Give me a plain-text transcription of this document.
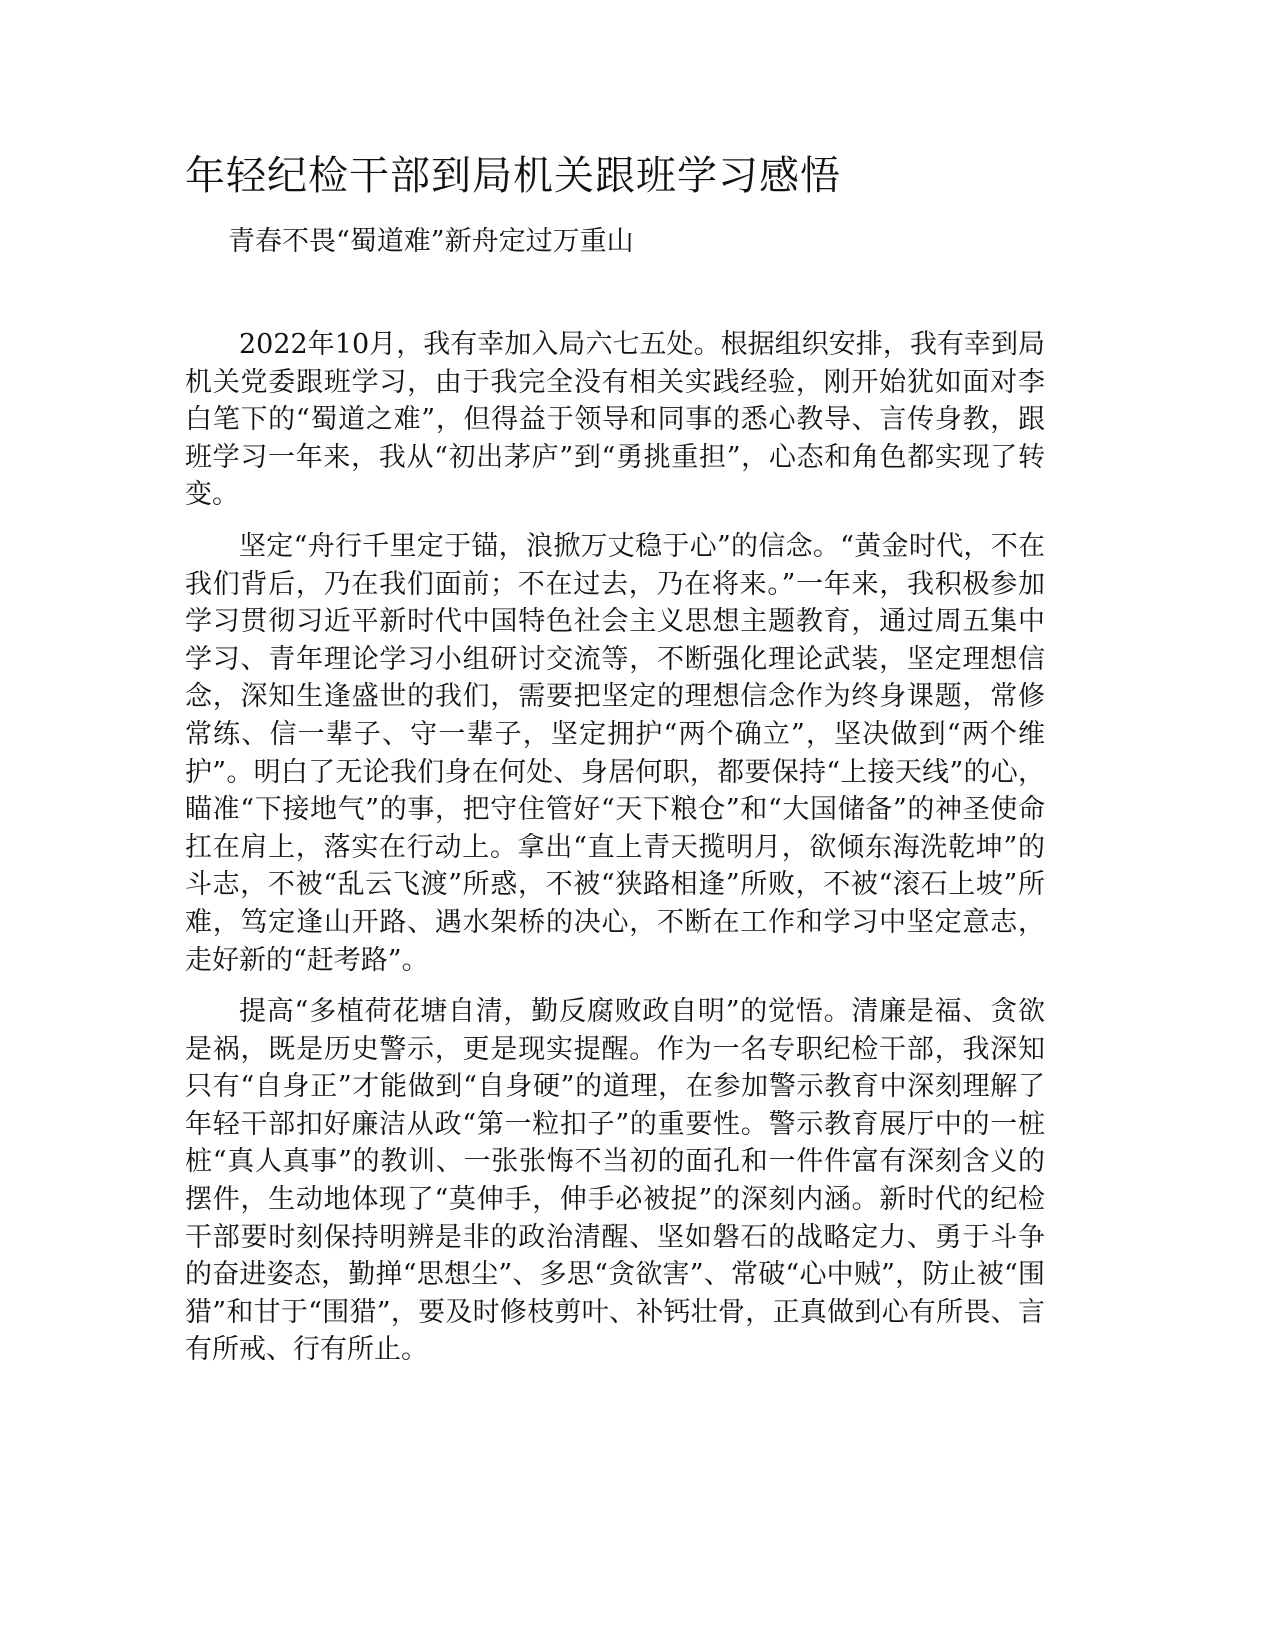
年轻纪检干部到局机关跟班学习感悟

青春不畏“蜀道难”新舟定过万重山

2022年10月，我有幸加入局六七五处。根据组织安排，我有幸到局机关党委跟班学习，由于我完全没有相关实践经验，刚开始犹如面对李白笔下的“蜀道之难”，但得益于领导和同事的悉心教导、言传身教，跟班学习一年来，我从“初出茅庐”到“勇挑重担”，心态和角色都实现了转变。

坚定“舟行千里定于锚，浪掀万丈稳于心”的信念。“黄金时代，不在我们背后，乃在我们面前；不在过去，乃在将来。”一年来，我积极参加学习贯彻习近平新时代中国特色社会主义思想主题教育，通过周五集中学习、青年理论学习小组研讨交流等，不断强化理论武装，坚定理想信念，深知生逢盛世的我们，需要把坚定的理想信念作为终身课题，常修常练、信一辈子、守一辈子，坚定拥护“两个确立”，坚决做到“两个维护”。明白了无论我们身在何处、身居何职，都要保持“上接天线”的心，瞄准“下接地气”的事，把守住管好“天下粮仓”和“大国储备”的神圣使命扛在肩上，落实在行动上。拿出“直上青天揽明月，欲倾东海洗乾坤”的斗志，不被“乱云飞渡”所惑，不被“狭路相逢”所败，不被“滚石上坡”所难，笃定逢山开路、遇水架桥的决心，不断在工作和学习中坚定意志，走好新的“赶考路”。

提高“多植荷花塘自清，勤反腐败政自明”的觉悟。清廉是福、贪欲是祸，既是历史警示，更是现实提醒。作为一名专职纪检干部，我深知只有“自身正”才能做到“自身硬”的道理，在参加警示教育中深刻理解了年轻干部扣好廉洁从政“第一粒扣子”的重要性。警示教育展厅中的一桩桩“真人真事”的教训、一张张悔不当初的面孔和一件件富有深刻含义的摆件，生动地体现了“莫伸手，伸手必被捉”的深刻内涵。新时代的纪检干部要时刻保持明辨是非的政治清醒、坚如磐石的战略定力、勇于斗争的奋进姿态，勤掸“思想尘”、多思“贪欲害”、常破“心中贼”，防止被“围猎”和甘于“围猎”，要及时修枝剪叶、补钙壮骨，正真做到心有所畏、言有所戒、行有所止。
